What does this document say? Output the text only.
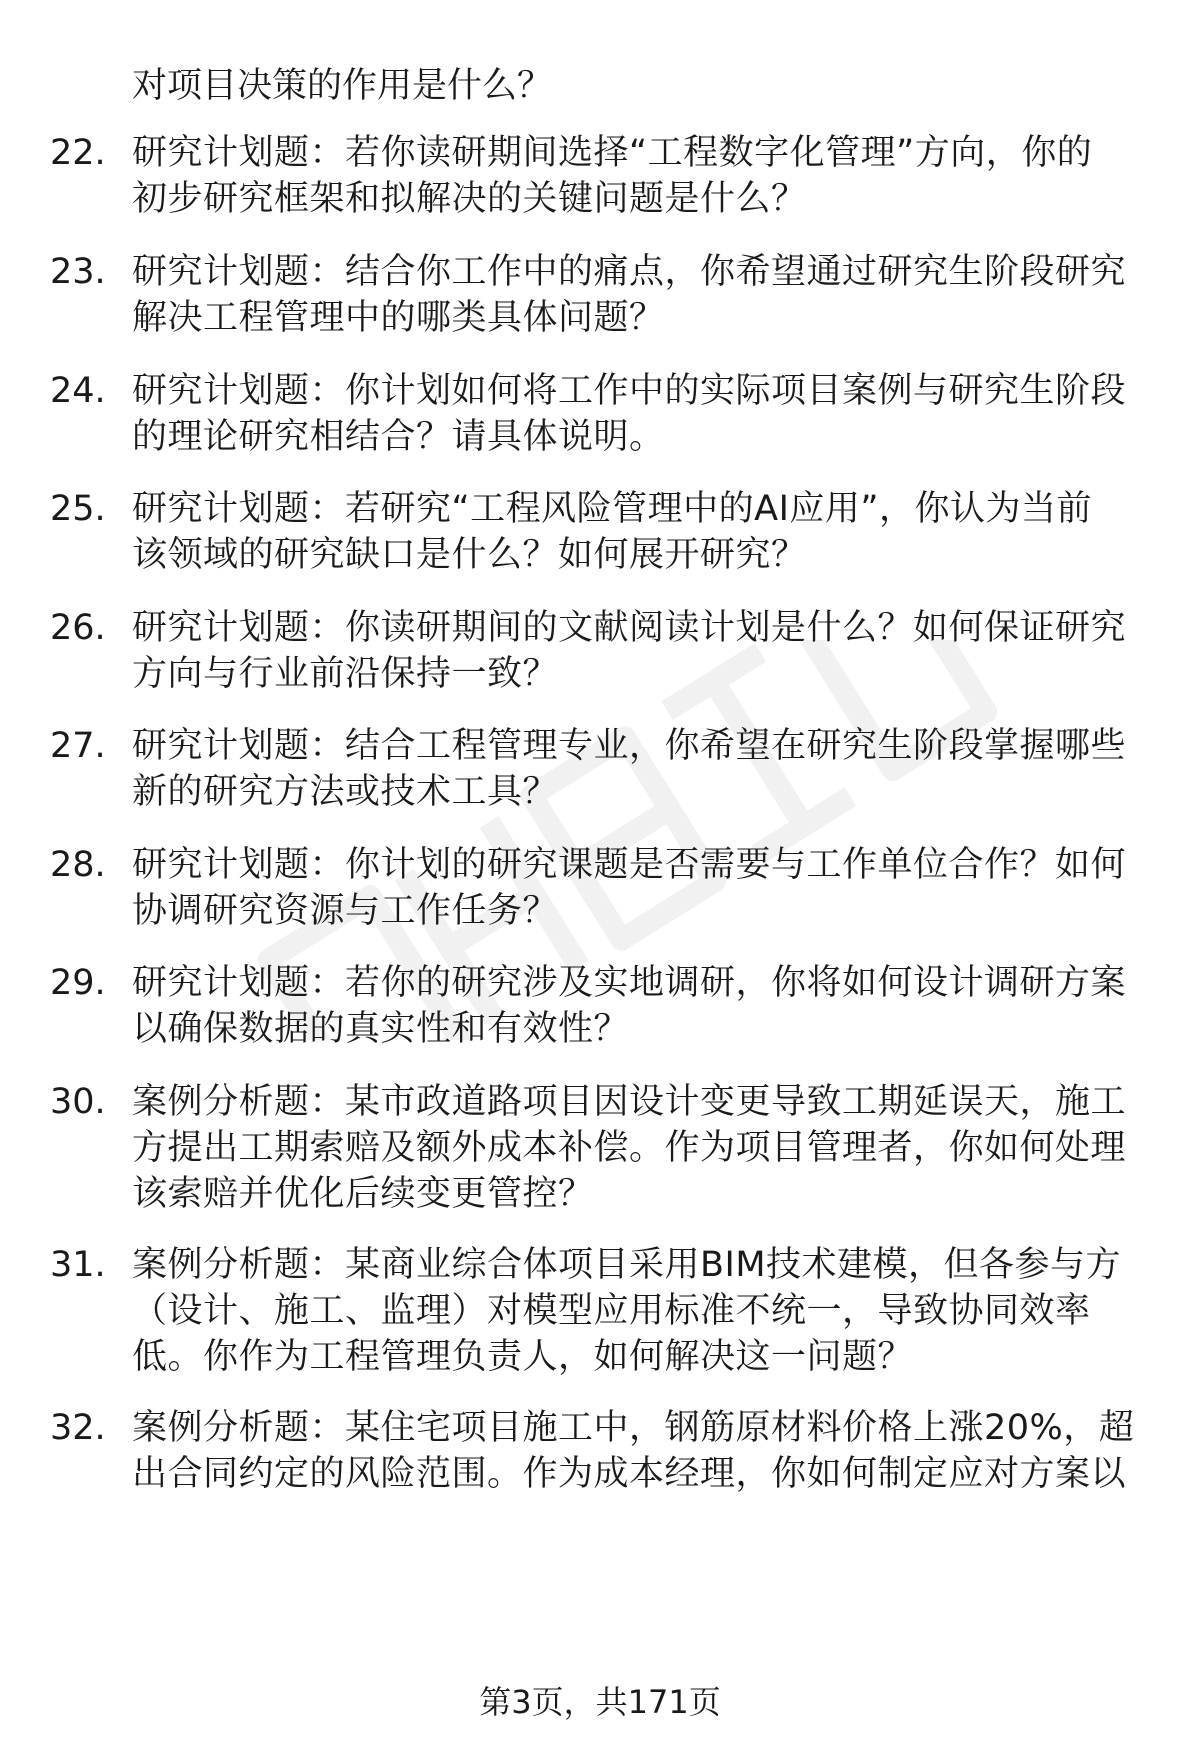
对项目决策的作用是什么？
22. 研究计划题：若你读研期间选择“工程数字化管理”方向，你的
初步研究框架和拟解决的关键问题是什么？
23. 研究计划题：结合你工作中的痛点，你希望通过研究生阶段研究
解决工程管理中的哪类具体问题？
24. 研究计划题：你计划如何将工作中的实际项目案例与研究生阶段
的理论研究相结合？请具体说明。
25. 研究计划题：若研究“工程风险管理中的AI应用”，你认为当前
该领域的研究缺口是什么？如何展开研究？
26. 研究计划题：你读研期间的文献阅读计划是什么？如何保证研究
方向与行业前沿保持一致？
27. 研究计划题：结合工程管理专业，你希望在研究生阶段掌握哪些
新的研究方法或技术工具？
28. 研究计划题：你计划的研究课题是否需要与工作单位合作？如何
协调研究资源与工作任务？
29. 研究计划题：若你的研究涉及实地调研，你将如何设计调研方案
以确保数据的真实性和有效性？
30. 案例分析题：某市政道路项目因设计变更导致工期延误天，施工
方提出工期索赔及额外成本补偿。作为项目管理者，你如何处理
该索赔并优化后续变更管控？
31. 案例分析题：某商业综合体项目采用BIM技术建模，但各参与方
（设计、施工、监理）对模型应用标准不统一，导致协同效率
低。你作为工程管理负责人，如何解决这一问题？
32. 案例分析题：某住宅项目施工中，钢筋原材料价格上涨20%，超
出合同约定的风险范围。作为成本经理，你如何制定应对方案以
第3页，共171页
